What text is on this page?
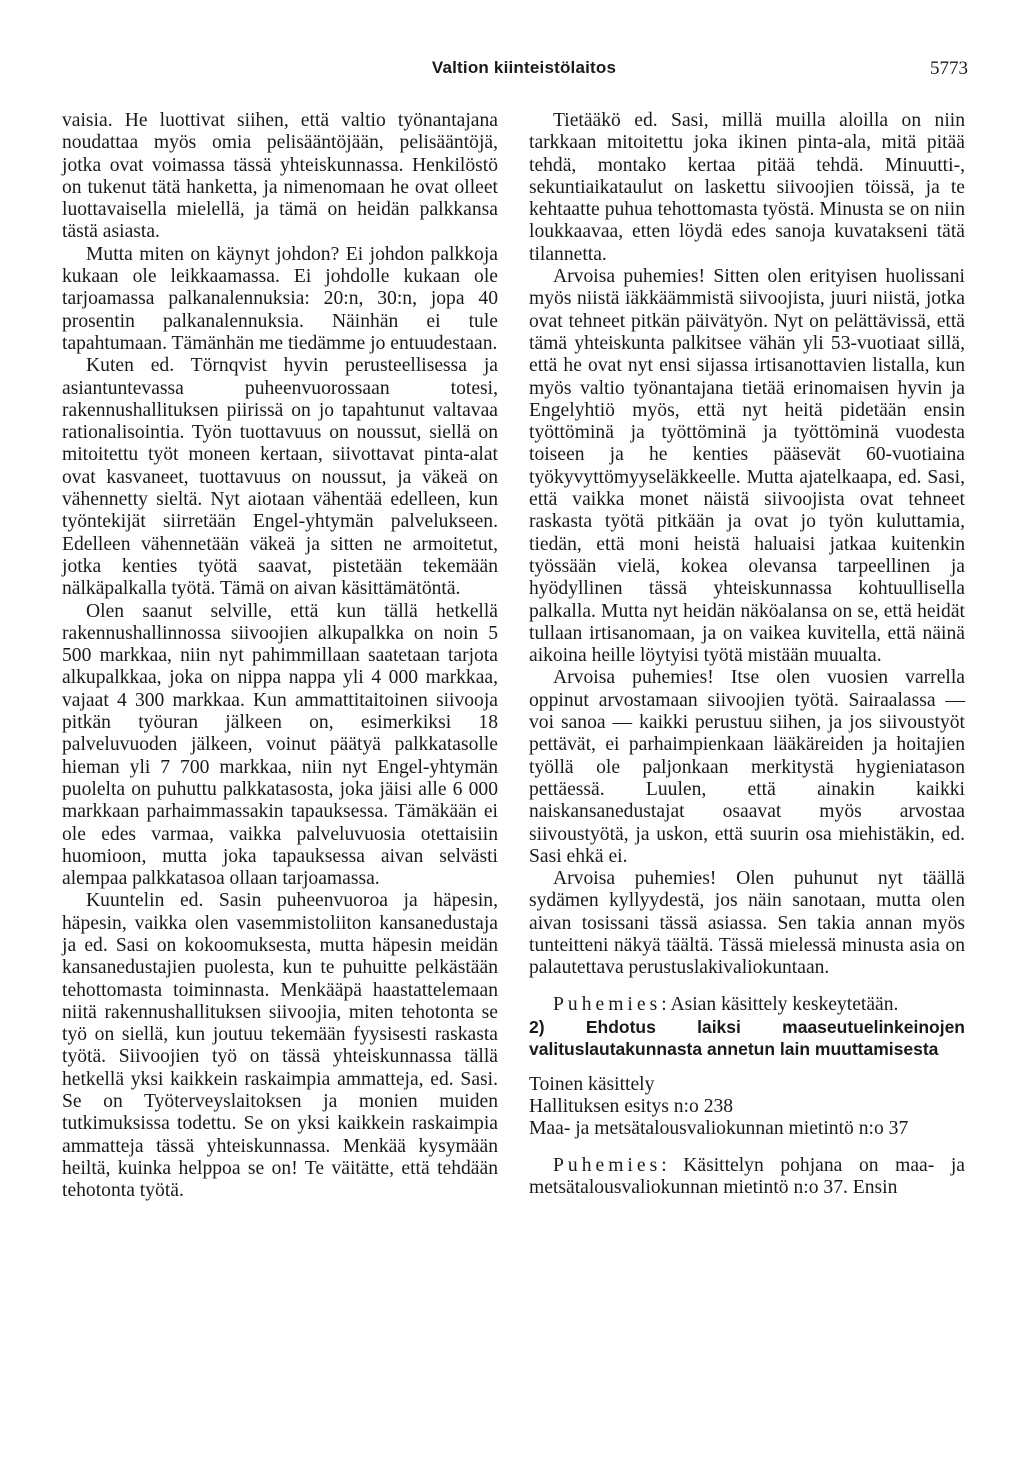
Valtion kiinteistölaitos	5773

vaisia. He luottivat siihen, että valtio työnantajana noudattaa myös omia pelisääntöjään, pelisääntöjä, jotka ovat voimassa tässä yhteiskunnassa. Henkilöstö on tukenut tätä hanketta, ja nimenomaan he ovat olleet luottavaisella mielellä, ja tämä on heidän palkkansa tästä asiasta.

Mutta miten on käynyt johdon? Ei johdon palkkoja kukaan ole leikkaamassa. Ei johdolle kukaan ole tarjoamassa palkanalennuksia: 20:n, 30:n, jopa 40 prosentin palkanalennuksia. Näinhän ei tule tapahtumaan. Tämänhän me tiedämme jo entuudestaan.

Kuten ed. Törnqvist hyvin perusteellisessa ja asiantuntevassa puheenvuorossaan totesi, rakennushallituksen piirissä on jo tapahtunut valtavaa rationalisointia. Työn tuottavuus on noussut, siellä on mitoitettu työt moneen kertaan, siivottavat pinta-alat ovat kasvaneet, tuottavuus on noussut, ja väkeä on vähennetty sieltä. Nyt aiotaan vähentää edelleen, kun työntekijät siirretään Engel-yhtymän palvelukseen. Edelleen vähennetään väkeä ja sitten ne armoitetut, jotka kenties työtä saavat, pistetään tekemään nälkäpalkalla työtä. Tämä on aivan käsittämätöntä.

Olen saanut selville, että kun tällä hetkellä rakennushallinnossa siivoojien alkupalkka on noin 5 500 markkaa, niin nyt pahimmillaan saatetaan tarjota alkupalkkaa, joka on nippa nappa yli 4 000 markkaa, vajaat 4 300 markkaa. Kun ammattitaitoinen siivooja pitkän työuran jälkeen on, esimerkiksi 18 palveluvuoden jälkeen, voinut päätyä palkkatasolle hieman yli 7 700 markkaa, niin nyt Engel-yhtymän puolelta on puhuttu palkkatasosta, joka jäisi alle 6 000 markkaan parhaimmassakin tapauksessa. Tämäkään ei ole edes varmaa, vaikka palveluvuosia otettaisiin huomioon, mutta joka tapauksessa aivan selvästi alempaa palkkatasoa ollaan tarjoamassa.

Kuuntelin ed. Sasin puheenvuoroa ja häpesin, häpesin, vaikka olen vasemmistoliiton kansanedustaja ja ed. Sasi on kokoomuksesta, mutta häpesin meidän kansanedustajien puolesta, kun te puhuitte pelkästään tehottomasta toiminnasta. Menkääpä haastattelemaan niitä rakennushallituksen siivoojia, miten tehotonta se työ on siellä, kun joutuu tekemään fyysisesti raskasta työtä. Siivoojien työ on tässä yhteiskunnassa tällä hetkellä yksi kaikkein raskaimpia ammatteja, ed. Sasi. Se on Työterveyslaitoksen ja monien muiden tutkimuksissa todettu. Se on yksi kaikkein raskaimpia ammatteja tässä yhteiskunnassa. Menkää kysymään heiltä, kuinka helppoa se on! Te väitätte, että tehdään tehotonta työtä.

Tietääkö ed. Sasi, millä muilla aloilla on niin tarkkaan mitoitettu joka ikinen pinta-ala, mitä pitää tehdä, montako kertaa pitää tehdä. Minuutti-, sekuntiaikataulut on laskettu siivoojien töissä, ja te kehtaatte puhua tehottomasta työstä. Minusta se on niin loukkaavaa, etten löydä edes sanoja kuvatakseni tätä tilannetta.

Arvoisa puhemies! Sitten olen erityisen huolissani myös niistä iäkkäämmistä siivoojista, juuri niistä, jotka ovat tehneet pitkän päivätyön. Nyt on pelättävissä, että tämä yhteiskunta palkitsee vähän yli 53-vuotiaat sillä, että he ovat nyt ensi sijassa irtisanottavien listalla, kun myös valtio työnantajana tietää erinomaisen hyvin ja Engelyhtiö myös, että nyt heitä pidetään ensin työttöminä ja työttöminä ja työttöminä vuodesta toiseen ja he kenties pääsevät 60-vuotiaina työkyvyttömyyseläkkeelle. Mutta ajatelkaapa, ed. Sasi, että vaikka monet näistä siivoojista ovat tehneet raskasta työtä pitkään ja ovat jo työn kuluttamia, tiedän, että moni heistä haluaisi jatkaa kuitenkin työssään vielä, kokea olevansa tarpeellinen ja hyödyllinen tässä yhteiskunnassa kohtuullisella palkalla. Mutta nyt heidän näköalansa on se, että heidät tullaan irtisanomaan, ja on vaikea kuvitella, että näinä aikoina heille löytyisi työtä mistään muualta.

Arvoisa puhemies! Itse olen vuosien varrella oppinut arvostamaan siivoojien työtä. Sairaalassa — voi sanoa — kaikki perustuu siihen, ja jos siivoustyöt pettävät, ei parhaimpienkaan lääkäreiden ja hoitajien työllä ole paljonkaan merkitystä hygieniatason pettäessä. Luulen, että ainakin kaikki naiskansanedustajat osaavat myös arvostaa siivoustyötä, ja uskon, että suurin osa miehistäkin, ed. Sasi ehkä ei.

Arvoisa puhemies! Olen puhunut nyt täällä sydämen kyllyydestä, jos näin sanotaan, mutta olen aivan tosissani tässä asiassa. Sen takia annan myös tunteitteni näkyä täältä. Tässä mielessä minusta asia on palautettava perustuslakivaliokuntaan.

Puhemies: Asian käsittely keskeytetään.

2) Ehdotus laiksi maaseutuelinkeinojen valituslautakunnasta annetun lain muuttamisesta

Toinen käsittely
Hallituksen esitys n:o 238
Maa- ja metsätalousvaliokunnan mietintö n:o 37

Puhemies: Käsittelyn pohjana on maa- ja metsätalousvaliokunnan mietintö n:o 37. Ensin
